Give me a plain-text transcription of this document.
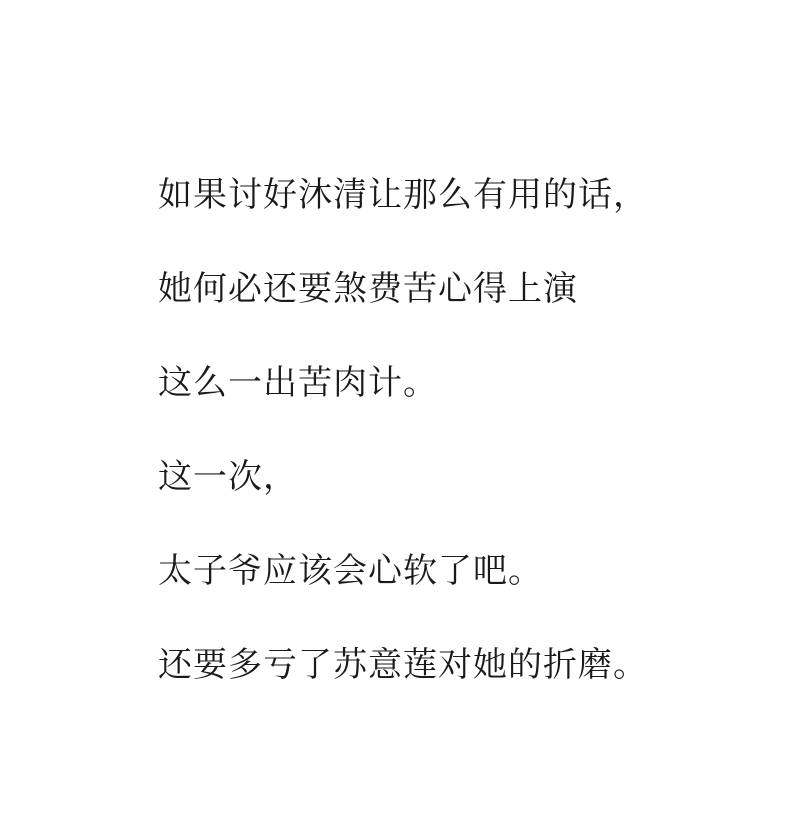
如果讨好沐清让那么有用的话，
她何必还要煞费苦心得上演
这么一出苦肉计。
这一次，
太子爷应该会心软了吧。
还要多亏了苏意莲对她的折磨。
